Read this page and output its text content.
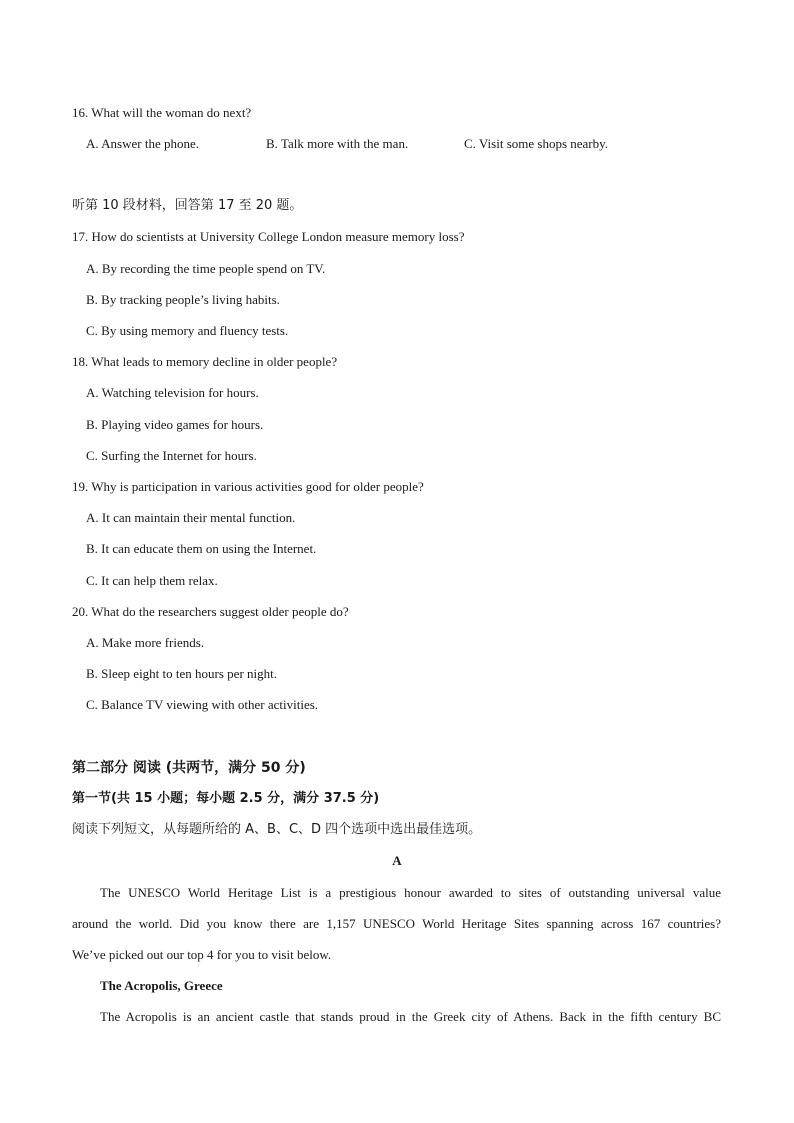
16. What will the woman do next?
A. Answer the phone.	B. Talk more with the man.	C. Visit some shops nearby.
听第 10 段材料，回答第 17 至 20 题。
17. How do scientists at University College London measure memory loss?
A. By recording the time people spend on TV.
B. By tracking people’s living habits.
C. By using memory and fluency tests.
18. What leads to memory decline in older people?
A. Watching television for hours.
B. Playing video games for hours.
C. Surfing the Internet for hours.
19. Why is participation in various activities good for older people?
A. It can maintain their mental function.
B. It can educate them on using the Internet.
C. It can help them relax.
20. What do the researchers suggest older people do?
A. Make more friends.
B. Sleep eight to ten hours per night.
C. Balance TV viewing with other activities.
第二部分 阅读 (共两节，满分 50 分)
第一节(共 15 小题；每小题 2.5 分，满分 37.5 分)
阅读下列短文，从每题所给的 A、B、C、D 四个选项中选出最佳选项。
A
The UNESCO World Heritage List is a prestigious honour awarded to sites of outstanding universal value
around the world. Did you know there are 1,157 UNESCO World Heritage Sites spanning across 167 countries?
We’ve picked out our top 4 for you to visit below.
The Acropolis, Greece
The Acropolis is an ancient castle that stands proud in the Greek city of Athens. Back in the fifth century BC
